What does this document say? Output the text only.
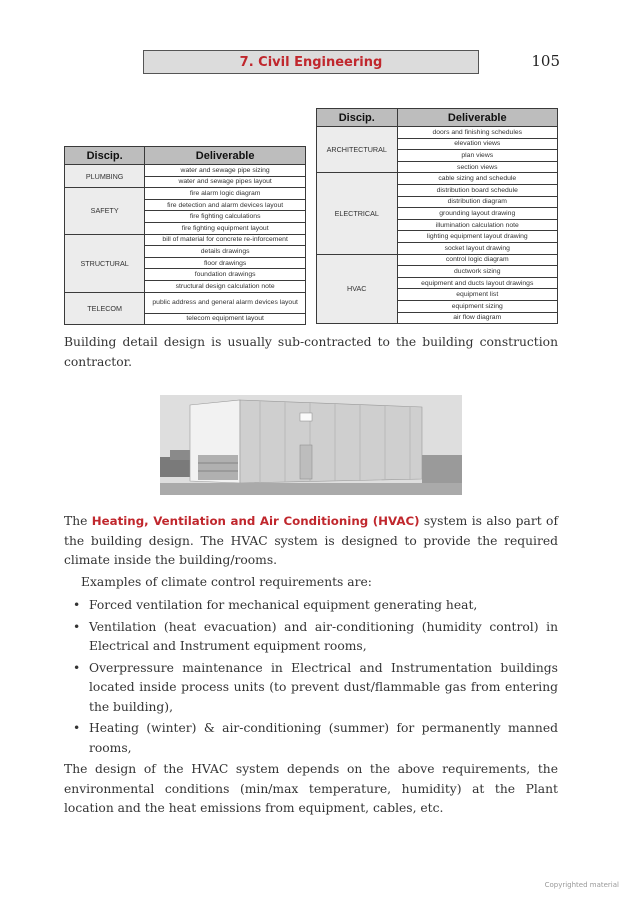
7. Civil Engineering	105
Discip.	Deliverable
PLUMBING	water and sewage pipe sizing
	water and sewage pipes layout
SAFETY	fire alarm logic diagram
	fire detection and alarm devices layout
	fire fighting calculations
	fire fighting equipment layout
STRUCTURAL	bill of material for concrete re-inforcement
	details drawings
	floor drawings
	foundation drawings
	structural design calculation note
TELECOM	public address and general alarm devices layout
	telecom equipment layout
Discip.	Deliverable
ARCHITECTURAL	doors and finishing schedules
	elevation views
	plan views
	section views
ELECTRICAL	cable sizing and schedule
	distribution board schedule
	distribution diagram
	grounding layout drawing
	illumination calculation note
	lighting equipment layout drawing
	socket layout drawing
HVAC	control logic diagram
	ductwork sizing
	equipment and ducts layout drawings
	equipment list
	equipment sizing
	air flow diagram

Building detail design is usually sub-contracted to the building construction contractor.

The Heating, Ventilation and Air Conditioning (HVAC) system is also part of the building design. The HVAC system is designed to provide the required climate inside the building/rooms.

Examples of climate control requirements are:

• Forced ventilation for mechanical equipment generating heat,
• Ventilation (heat evacuation) and air-conditioning (humidity control) in Electrical and Instrument equipment rooms,
• Overpressure maintenance in Electrical and Instrumentation buildings located inside process units (to prevent dust/flammable gas from entering the building),
• Heating (winter) & air-conditioning (summer) for permanently manned rooms,

The design of the HVAC system depends on the above requirements, the environmental conditions (min/max temperature, humidity) at the Plant location and the heat emissions from equipment, cables, etc.

Copyrighted material
